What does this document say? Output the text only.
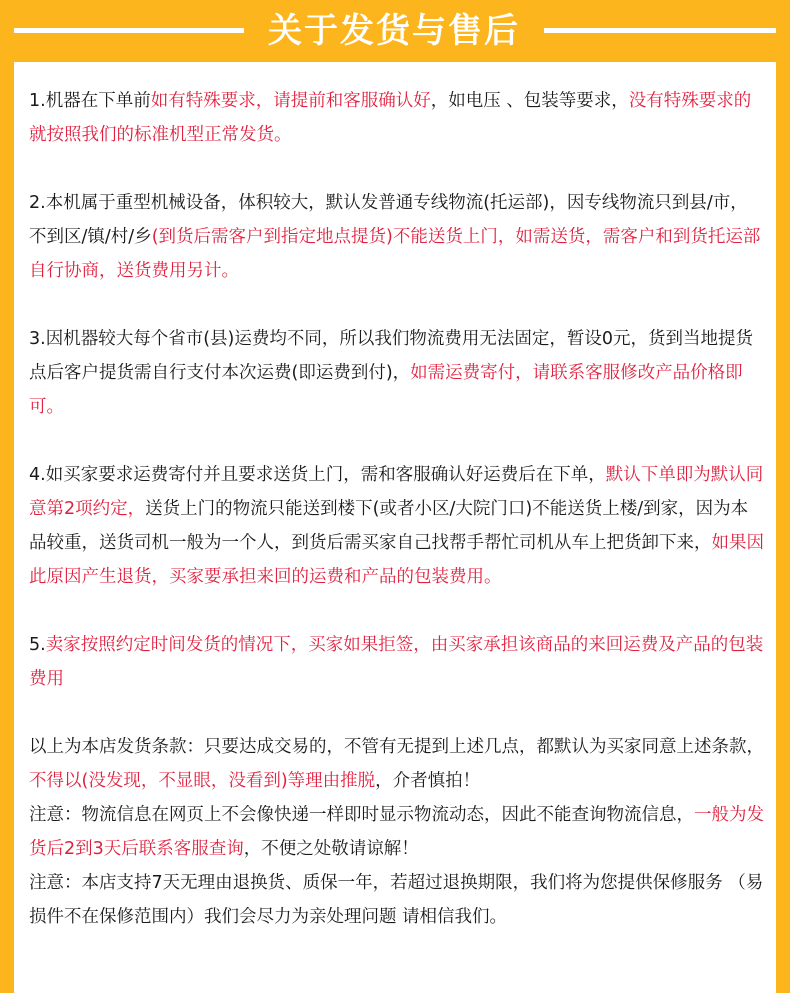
关于发货与售后

1.机器在下单前如有特殊要求，请提前和客服确认好，如电压 、包装等要求，没有特殊要求的就按照我们的标准机型正常发货。

2.本机属于重型机械设备，体积较大，默认发普通专线物流(托运部)，因专线物流只到县/市，不到区/镇/村/乡(到货后需客户到指定地点提货)不能送货上门，如需送货，需客户和到货托运部自行协商，送货费用另计。

3.因机器较大每个省市(县)运费均不同，所以我们物流费用无法固定，暂设0元，货到当地提货点后客户提货需自行支付本次运费(即运费到付)，如需运费寄付，请联系客服修改产品价格即可。

4.如买家要求运费寄付并且要求送货上门，需和客服确认好运费后在下单，默认下单即为默认同意第2项约定，送货上门的物流只能送到楼下(或者小区/大院门口)不能送货上楼/到家，因为本品较重，送货司机一般为一个人，到货后需买家自己找帮手帮忙司机从车上把货卸下来，如果因此原因产生退货，买家要承担来回的运费和产品的包装费用。

5.卖家按照约定时间发货的情况下，买家如果拒签，由买家承担该商品的来回运费及产品的包装费用

以上为本店发货条款：只要达成交易的，不管有无提到上述几点，都默认为买家同意上述条款，不得以(没发现，不显眼，没看到)等理由推脱，介者慎拍！

注意：物流信息在网页上不会像快递一样即时显示物流动态，因此不能查询物流信息，一般为发货后2到3天后联系客服查询，不便之处敬请谅解！

注意：本店支持7天无理由退换货、质保一年，若超过退换期限，我们将为您提供保修服务 （易损件不在保修范围内）我们会尽力为亲处理问题 请相信我们。
